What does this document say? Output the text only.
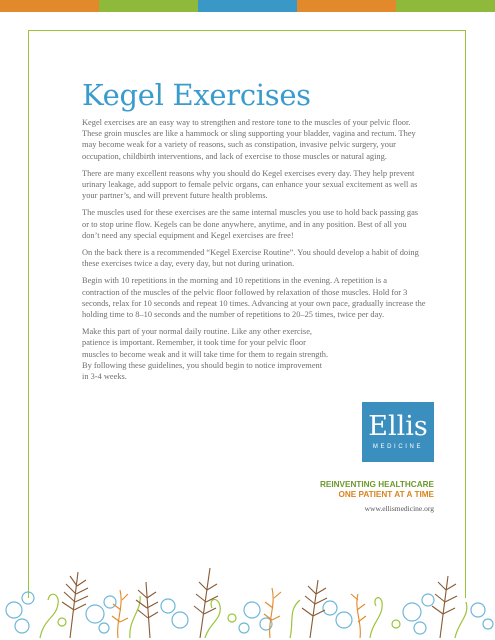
Kegel Exercises

Kegel exercises are an easy way to strengthen and restore tone to the muscles of your pelvic floor. These groin muscles are like a hammock or sling supporting your bladder, vagina and rectum. They may become weak for a variety of reasons, such as constipation, invasive pelvic surgery, your occupation, childbirth interventions, and lack of exercise to those muscles or natural aging.

There are many excellent reasons why you should do Kegel exercises every day. They help prevent urinary leakage, add support to female pelvic organs, can enhance your sexual excitement as well as your partner’s, and will prevent future health problems.

The muscles used for these exercises are the same internal muscles you use to hold back passing gas or to stop urine flow. Kegels can be done anywhere, anytime, and in any position. Best of all you don’t need any special equipment and Kegel exercises are free!

On the back there is a recommended “Kegel Exercise Routine”. You should develop a habit of doing these exercises twice a day, every day, but not during urination.

Begin with 10 repetitions in the morning and 10 repetitions in the evening. A repetition is a contraction of the muscles of the pelvic floor followed by relaxation of those muscles. Hold for 3 seconds, relax for 10 seconds and repeat 10 times. Advancing at your own pace, gradually increase the holding time to 8–10 seconds and the number of repetitions to 20–25 times, twice per day.

Make this part of your normal daily routine. Like any other exercise, patience is important. Remember, it took time for your pelvic floor muscles to become weak and it will take time for them to regain strength. By following these guidelines, you should begin to notice improvement in 3-4 weeks.

Ellis
MEDICINE
REINVENTING HEALTHCARE
ONE PATIENT AT A TIME
www.ellismedicine.org
